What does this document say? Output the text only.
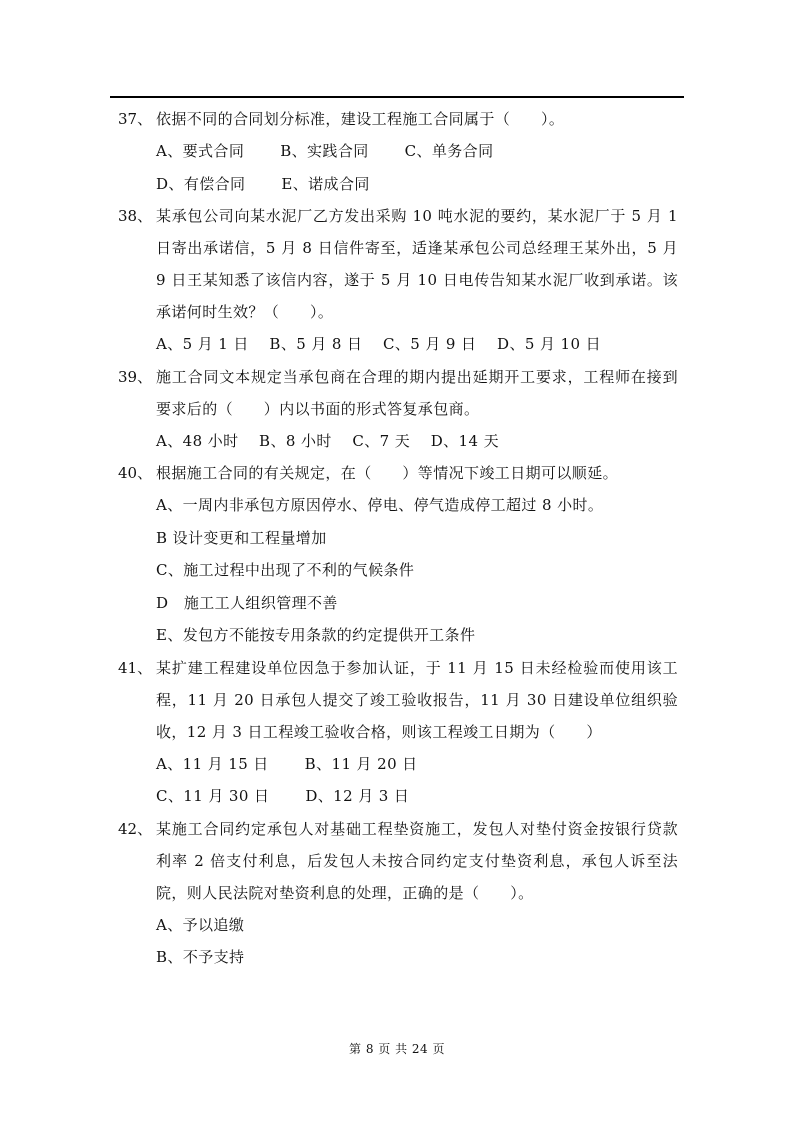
37、 依据不同的合同划分标准，建设工程施工合同属于（　　）。
A、要式合同　　 B、实践合同　　 C、单务合同
D、有偿合同　　 E、诺成合同
38、 某承包公司向某水泥厂乙方发出采购 10 吨水泥的要约，某水泥厂于 5 月 1 日寄出承诺信，5 月 8 日信件寄至，适逢某承包公司总经理王某外出，5 月 9 日王某知悉了该信内容，遂于 5 月 10 日电传告知某水泥厂收到承诺。该承诺何时生效？（　　）。
A、5 月 1 日　 B、5 月 8 日　 C、5 月 9 日　 D、5 月 10 日
39、 施工合同文本规定当承包商在合理的期内提出延期开工要求，工程师在接到要求后的（　　）内以书面的形式答复承包商。
A、48 小时　 B、8 小时　 C、7 天　 D、14 天
40、 根据施工合同的有关规定，在（　　）等情况下竣工日期可以顺延。
A、一周内非承包方原因停水、停电、停气造成停工超过 8 小时。
B 设计变更和工程量增加
C、施工过程中出现了不利的气候条件
D　施工工人组织管理不善
E、发包方不能按专用条款的约定提供开工条件
41、 某扩建工程建设单位因急于参加认证，于 11 月 15 日未经检验而使用该工程，11 月 20 日承包人提交了竣工验收报告，11 月 30 日建设单位组织验收，12 月 3 日工程竣工验收合格，则该工程竣工日期为（　　）
A、11 月 15 日　　 B、11 月 20 日
C、11 月 30 日　　 D、12 月 3 日
42、 某施工合同约定承包人对基础工程垫资施工，发包人对垫付资金按银行贷款利率 2 倍支付利息，后发包人未按合同约定支付垫资利息，承包人诉至法院，则人民法院对垫资利息的处理，正确的是（　　）。
A、予以追缴
B、不予支持
第 8 页 共 24 页
